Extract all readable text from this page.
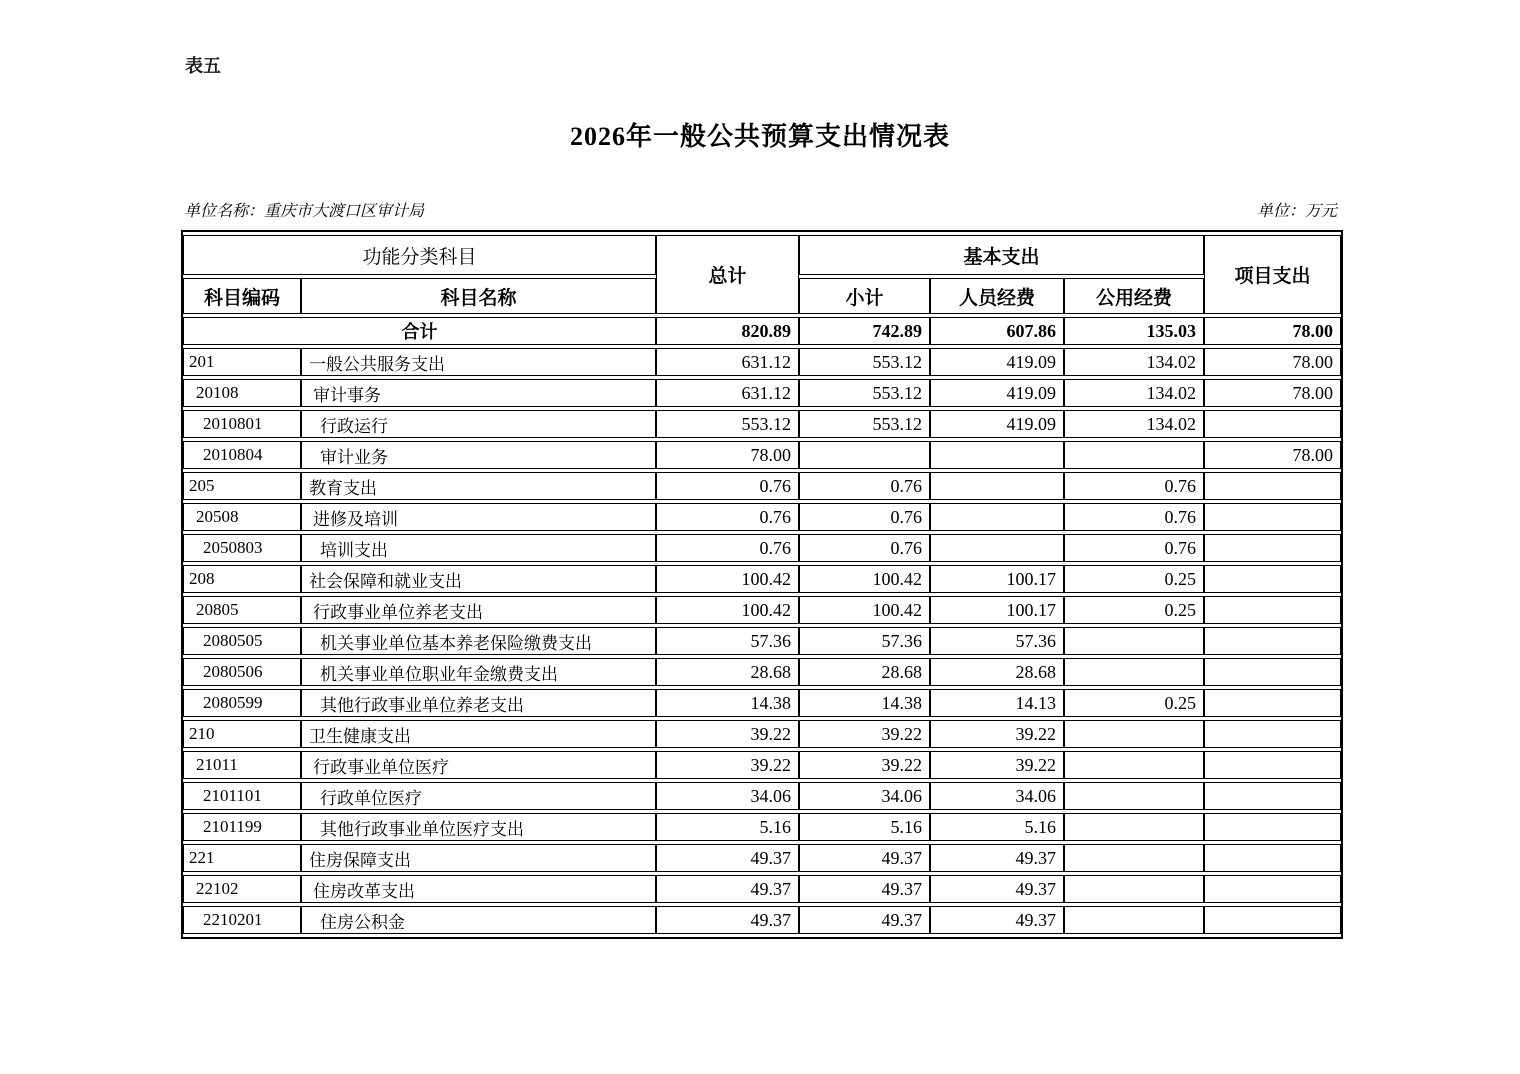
表五
2026年一般公共预算支出情况表
单位名称：重庆市大渡口区审计局	单位：万元
功能分类科目		总计	基本支出			项目支出
科目编码	科目名称		小计	人员经费	公用经费	
合计		820.89	742.89	607.86	135.03	78.00
201	一般公共服务支出	631.12	553.12	419.09	134.02	78.00
20108	审计事务	631.12	553.12	419.09	134.02	78.00
2010801	行政运行	553.12	553.12	419.09	134.02	
2010804	审计业务	78.00				78.00
205	教育支出	0.76	0.76		0.76	
20508	进修及培训	0.76	0.76		0.76	
2050803	培训支出	0.76	0.76		0.76	
208	社会保障和就业支出	100.42	100.42	100.17	0.25	
20805	行政事业单位养老支出	100.42	100.42	100.17	0.25	
2080505	机关事业单位基本养老保险缴费支出	57.36	57.36	57.36		
2080506	机关事业单位职业年金缴费支出	28.68	28.68	28.68		
2080599	其他行政事业单位养老支出	14.38	14.38	14.13	0.25	
210	卫生健康支出	39.22	39.22	39.22		
21011	行政事业单位医疗	39.22	39.22	39.22		
2101101	行政单位医疗	34.06	34.06	34.06		
2101199	其他行政事业单位医疗支出	5.16	5.16	5.16		
221	住房保障支出	49.37	49.37	49.37		
22102	住房改革支出	49.37	49.37	49.37		
2210201	住房公积金	49.37	49.37	49.37		
